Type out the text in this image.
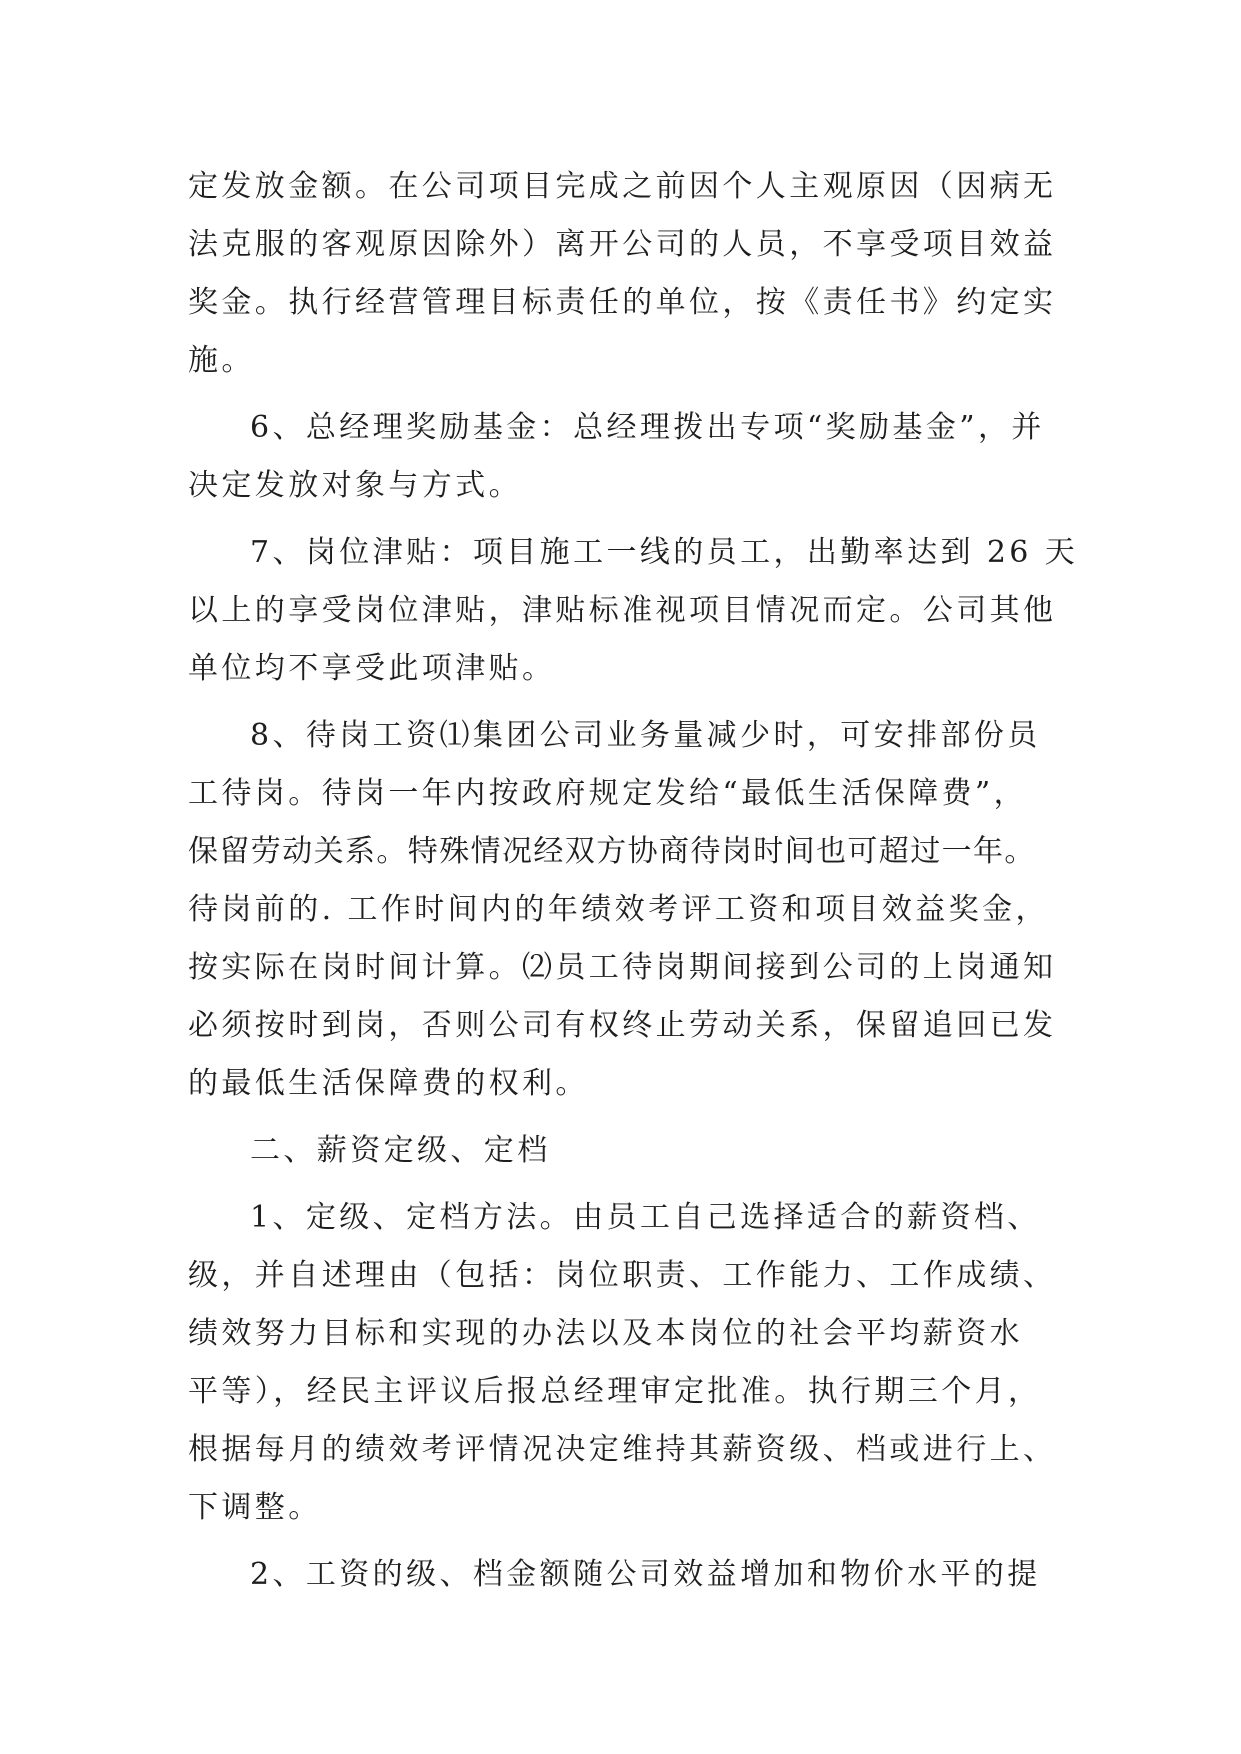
定发放金额。在公司项目完成之前因个人主观原因（因病无
法克服的客观原因除外）离开公司的人员，不享受项目效益
奖金。执行经营管理目标责任的单位，按《责任书》约定实
施。
6、总经理奖励基金：总经理拨出专项“奖励基金”，并
决定发放对象与方式。
7、岗位津贴：项目施工一线的员工，出勤率达到 26 天
以上的享受岗位津贴，津贴标准视项目情况而定。公司其他
单位均不享受此项津贴。
8、待岗工资⑴集团公司业务量减少时，可安排部份员
工待岗。待岗一年内按政府规定发给“最低生活保障费”，
保留劳动关系。特殊情况经双方协商待岗时间也可超过一年。
待岗前的. 工作时间内的年绩效考评工资和项目效益奖金，
按实际在岗时间计算。⑵员工待岗期间接到公司的上岗通知
必须按时到岗，否则公司有权终止劳动关系，保留追回已发
的最低生活保障费的权利。
二、薪资定级、定档
1、定级、定档方法。由员工自己选择适合的薪资档、
级，并自述理由（包括：岗位职责、工作能力、工作成绩、
绩效努力目标和实现的办法以及本岗位的社会平均薪资水
平等），经民主评议后报总经理审定批准。执行期三个月，
根据每月的绩效考评情况决定维持其薪资级、档或进行上、
下调整。
2、工资的级、档金额随公司效益增加和物价水平的提
